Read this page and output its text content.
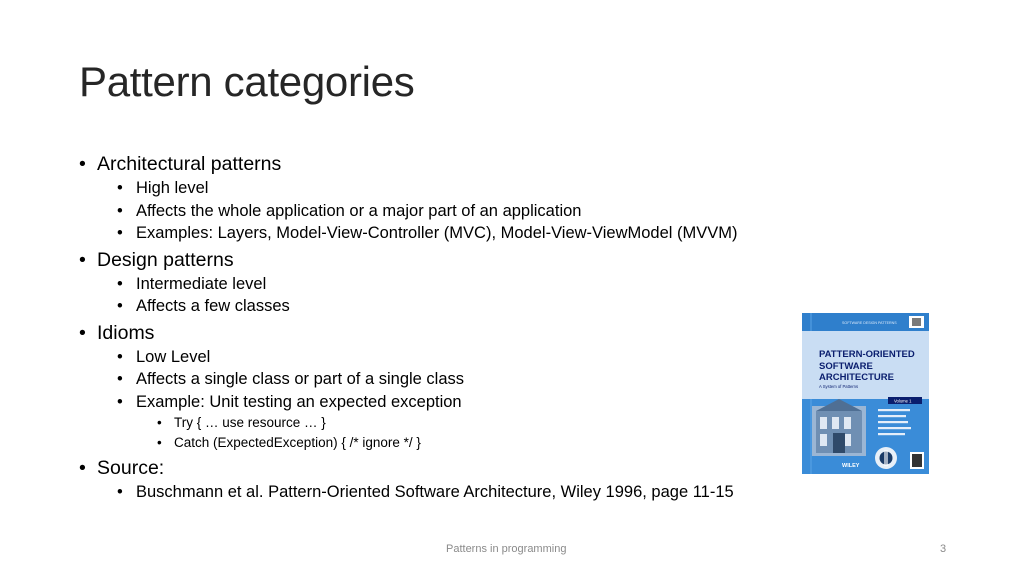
Pattern categories
• Architectural patterns
• High level
• Affects the whole application or a major part of an application
• Examples: Layers, Model-View-Controller (MVC), Model-View-ViewModel (MVVM)
• Design patterns
• Intermediate level
• Affects a few classes
• Idioms
• Low Level
• Affects a single class or part of a single class
• Example: Unit testing an expected exception
• Try { … use resource … }
• Catch (ExpectedException) { /* ignore */ }
• Source:
• Buschmann et al. Pattern-Oriented Software Architecture, Wiley 1996, page 11-15
SOFTWARE DESIGN PATTERNS
PATTERN-ORIENTED
SOFTWARE
ARCHITECTURE
A System of Patterns
Volume 1
WILEY
Patterns in programming	3
